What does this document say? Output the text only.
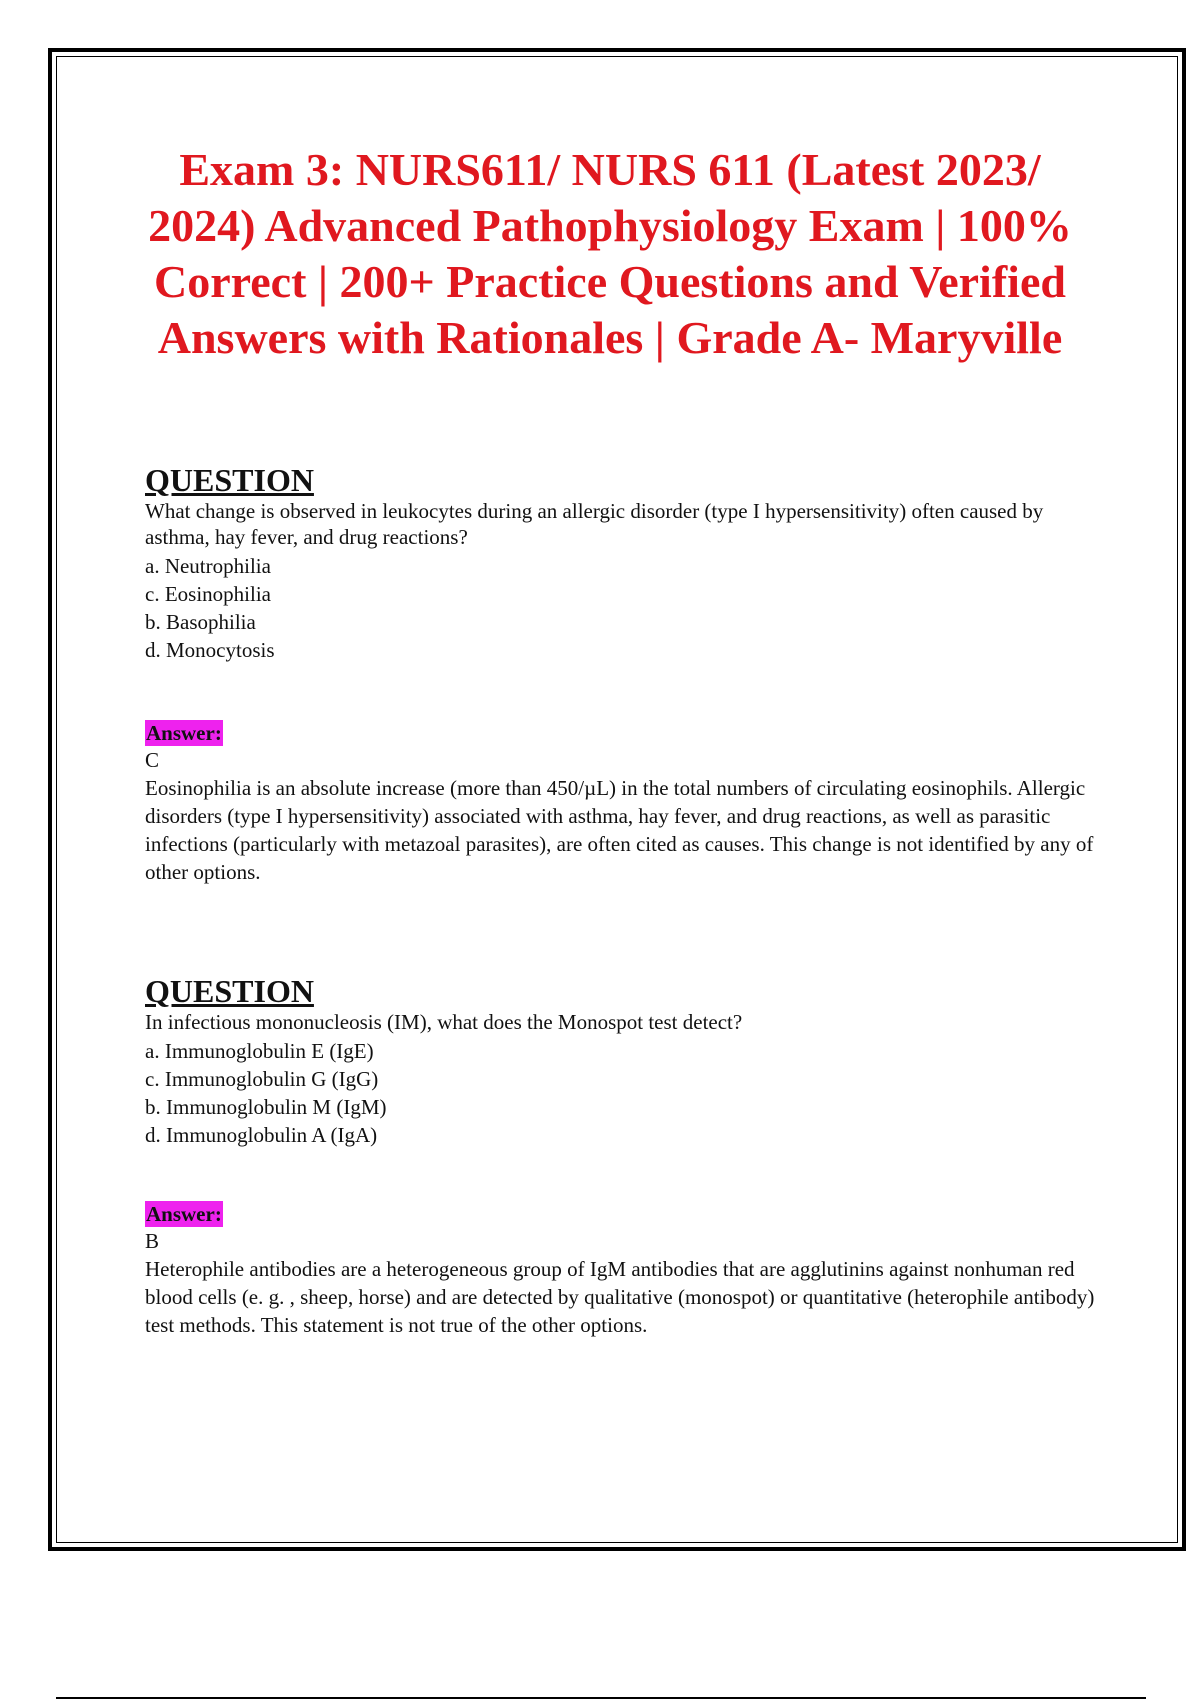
Exam 3: NURS611/ NURS 611 (Latest 2023/ 2024) Advanced Pathophysiology Exam | 100% Correct | 200+ Practice Questions and Verified Answers with Rationales | Grade A- Maryville

QUESTION

What change is observed in leukocytes during an allergic disorder (type I hypersensitivity) often caused by asthma, hay fever, and drug reactions?

a. Neutrophilia
c. Eosinophilia
b. Basophilia
d. Monocytosis
Answer:

C

Eosinophilia is an absolute increase (more than 450/µL) in the total numbers of circulating eosinophils. Allergic disorders (type I hypersensitivity) associated with asthma, hay fever, and drug reactions, as well as parasitic infections (particularly with metazoal parasites), are often cited as causes. This change is not identified by any of other options.

QUESTION

In infectious mononucleosis (IM), what does the Monospot test detect?

a. Immunoglobulin E (IgE)
c. Immunoglobulin G (IgG)
b. Immunoglobulin M (IgM)
d. Immunoglobulin A (IgA)
Answer:

B

Heterophile antibodies are a heterogeneous group of IgM antibodies that are agglutinins against nonhuman red blood cells (e. g. , sheep, horse) and are detected by qualitative (monospot) or quantitative (heterophile antibody) test methods. This statement is not true of the other options.
